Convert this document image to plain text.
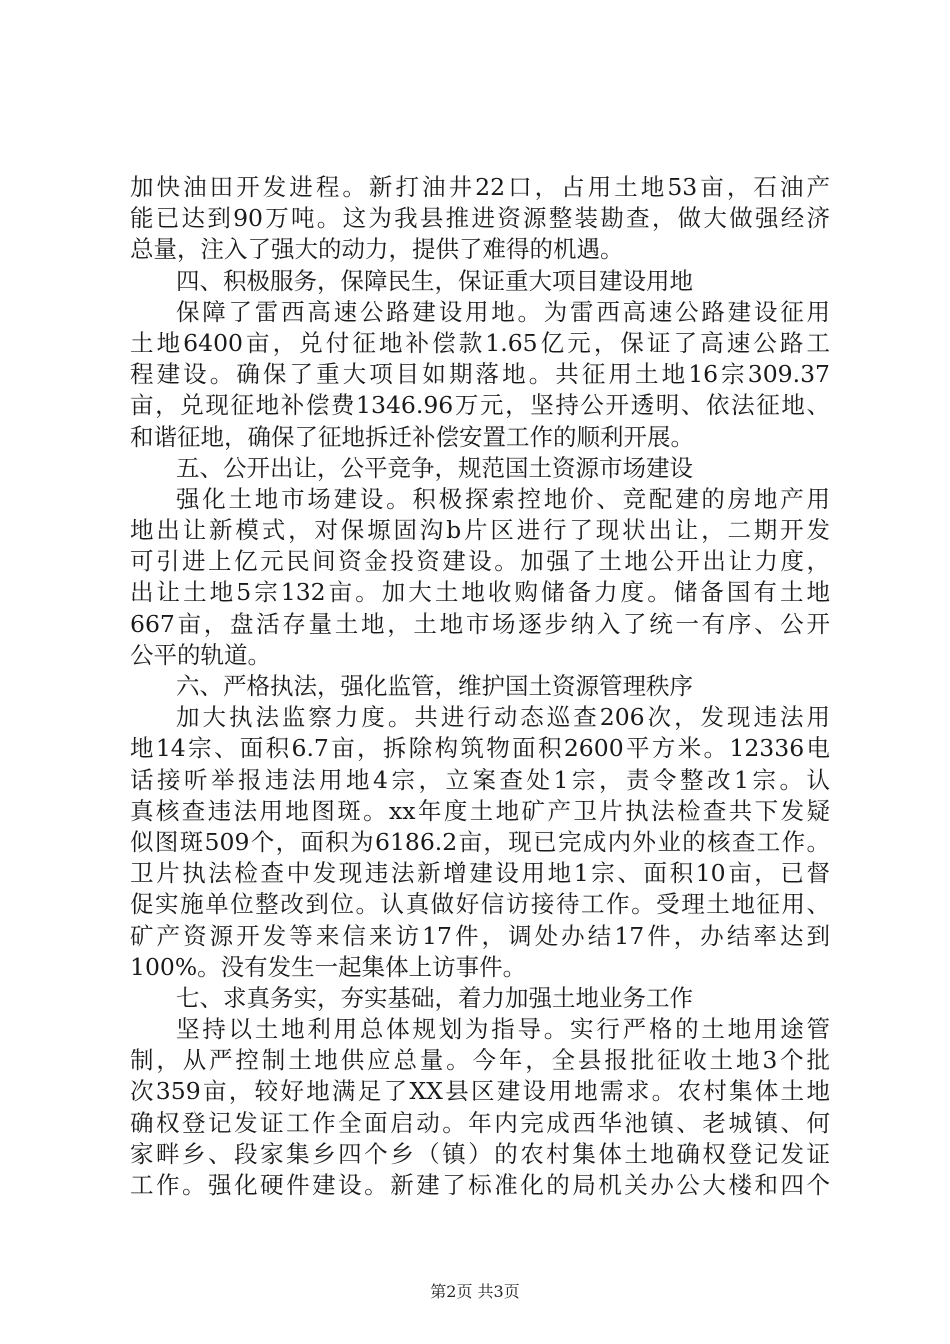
加快油田开发进程。新打油井22口，占用土地53亩，石油产
能已达到90万吨。这为我县推进资源整装勘查，做大做强经济
总量，注入了强大的动力，提供了难得的机遇。
四、积极服务，保障民生，保证重大项目建设用地
保障了雷西高速公路建设用地。为雷西高速公路建设征用
土地6400亩，兑付征地补偿款1.65亿元，保证了高速公路工
程建设。确保了重大项目如期落地。共征用土地16宗309.37
亩，兑现征地补偿费1346.96万元，坚持公开透明、依法征地、
和谐征地，确保了征地拆迁补偿安置工作的顺利开展。
五、公开出让，公平竞争，规范国土资源市场建设
强化土地市场建设。积极探索控地价、竞配建的房地产用
地出让新模式，对保塬固沟b片区进行了现状出让，二期开发
可引进上亿元民间资金投资建设。加强了土地公开出让力度，
出让土地5宗132亩。加大土地收购储备力度。储备国有土地
667亩，盘活存量土地，土地市场逐步纳入了统一有序、公开
公平的轨道。
六、严格执法，强化监管，维护国土资源管理秩序
加大执法监察力度。共进行动态巡查206次，发现违法用
地14宗、面积6.7亩，拆除构筑物面积2600平方米。12336电
话接听举报违法用地4宗，立案查处1宗，责令整改1宗。认
真核查违法用地图斑。xx年度土地矿产卫片执法检查共下发疑
似图斑509个，面积为6186.2亩，现已完成内外业的核查工作。
卫片执法检查中发现违法新增建设用地1宗、面积10亩，已督
促实施单位整改到位。认真做好信访接待工作。受理土地征用、
矿产资源开发等来信来访17件，调处办结17件，办结率达到
100%。没有发生一起集体上访事件。
七、求真务实，夯实基础，着力加强土地业务工作
坚持以土地利用总体规划为指导。实行严格的土地用途管
制，从严控制土地供应总量。今年，全县报批征收土地3个批
次359亩，较好地满足了XX县区建设用地需求。农村集体土地
确权登记发证工作全面启动。年内完成西华池镇、老城镇、何
家畔乡、段家集乡四个乡（镇）的农村集体土地确权登记发证
工作。强化硬件建设。新建了标准化的局机关办公大楼和四个
第2页 共3页
